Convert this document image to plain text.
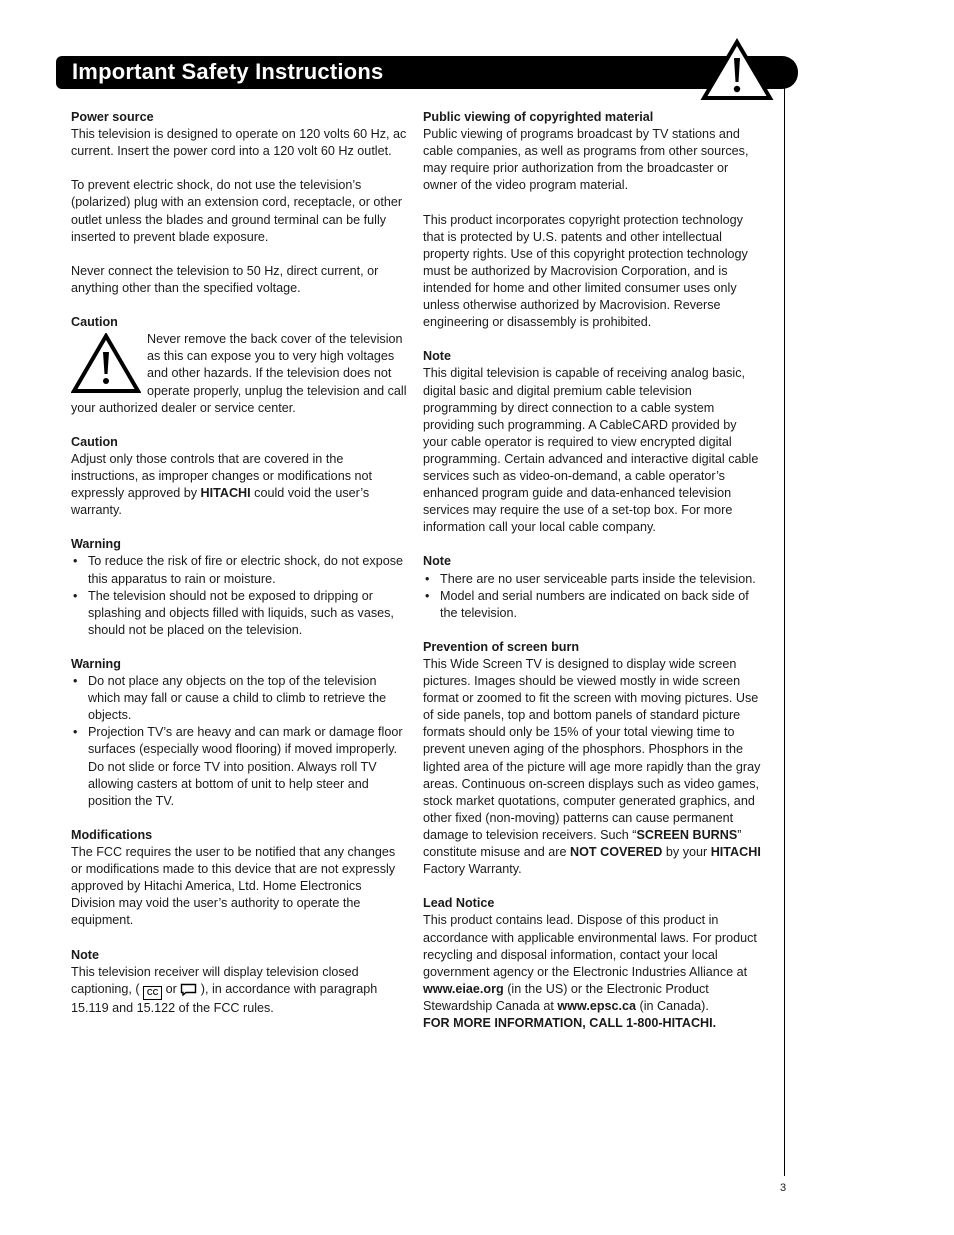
Important Safety Instructions
3
Power source
This television is designed to operate on 120 volts 60 Hz, ac current. Insert the power cord into a 120 volt 60 Hz outlet.
To prevent electric shock, do not use the television’s (polarized) plug with an extension cord, receptacle, or other outlet unless the blades and ground terminal can be fully inserted to prevent blade exposure.
Never connect the television to 50 Hz, direct current, or anything other than the specified voltage.
Caution
Never remove the back cover of the television as this can expose you to very high voltages and other hazards. If the television does not operate properly, unplug the television and call your authorized dealer or service center.
Caution
Adjust only those controls that are covered in the instructions, as improper changes or modifications not expressly approved by HITACHI could void the user’s warranty.
Warning
• To reduce the risk of fire or electric shock, do not expose this apparatus to rain or moisture.
• The television should not be exposed to dripping or splashing and objects filled with liquids, such as vases, should not be placed on the television.
Warning
• Do not place any objects on the top of the television which may fall or cause a child to climb to retrieve the objects.
• Projection TV’s are heavy and can mark or damage floor surfaces (especially wood flooring) if moved improperly. Do not slide or force TV into position. Always roll TV allowing casters at bottom of unit to help steer and position the TV.
Modifications
The FCC requires the user to be notified that any changes or modifications made to this device that are not expressly approved by Hitachi America, Ltd. Home Electronics Division may void the user’s authority to operate the equipment.
Note
This television receiver will display television closed captioning, ( CC or  ), in accordance with paragraph 15.119 and 15.122 of the FCC rules.
Public viewing of copyrighted material
Public viewing of programs broadcast by TV stations and cable companies, as well as programs from other sources, may require prior authorization from the broadcaster or owner of the video program material.
This product incorporates copyright protection technology that is protected by U.S. patents and other intellectual property rights. Use of this copyright protection technology must be authorized by Macrovision Corporation, and is intended for home and other limited consumer uses only unless otherwise authorized by Macrovision. Reverse engineering or disassembly is prohibited.
Note
This digital television is capable of receiving analog basic, digital basic and digital premium cable television programming by direct connection to a cable system providing such programming. A CableCARD provided by your cable operator is required to view encrypted digital programming. Certain advanced and interactive digital cable services such as video-on-demand, a cable operator’s enhanced program guide and data-enhanced television services may require the use of a set-top box. For more information call your local cable company.
Note
• There are no user serviceable parts inside the television.
• Model and serial numbers are indicated on back side of the television.
Prevention of screen burn
This Wide Screen TV is designed to display wide screen pictures. Images should be viewed mostly in wide screen format or zoomed to fit the screen with moving pictures. Use of side panels, top and bottom panels of standard picture formats should only be 15% of your total viewing time to prevent uneven aging of the phosphors. Phosphors in the lighted area of the picture will age more rapidly than the gray areas. Continuous on-screen displays such as video games, stock market quotations, computer generated graphics, and other fixed (non-moving) patterns can cause permanent damage to television receivers. Such “SCREEN BURNS” constitute misuse and are NOT COVERED by your HITACHI Factory Warranty.
Lead Notice
This product contains lead. Dispose of this product in accordance with applicable environmental laws. For product recycling and disposal information, contact your local government agency or the Electronic Industries Alliance at www.eiae.org (in the US) or the Electronic Product Stewardship Canada at www.epsc.ca (in Canada).
FOR MORE INFORMATION, CALL 1-800-HITACHI.
